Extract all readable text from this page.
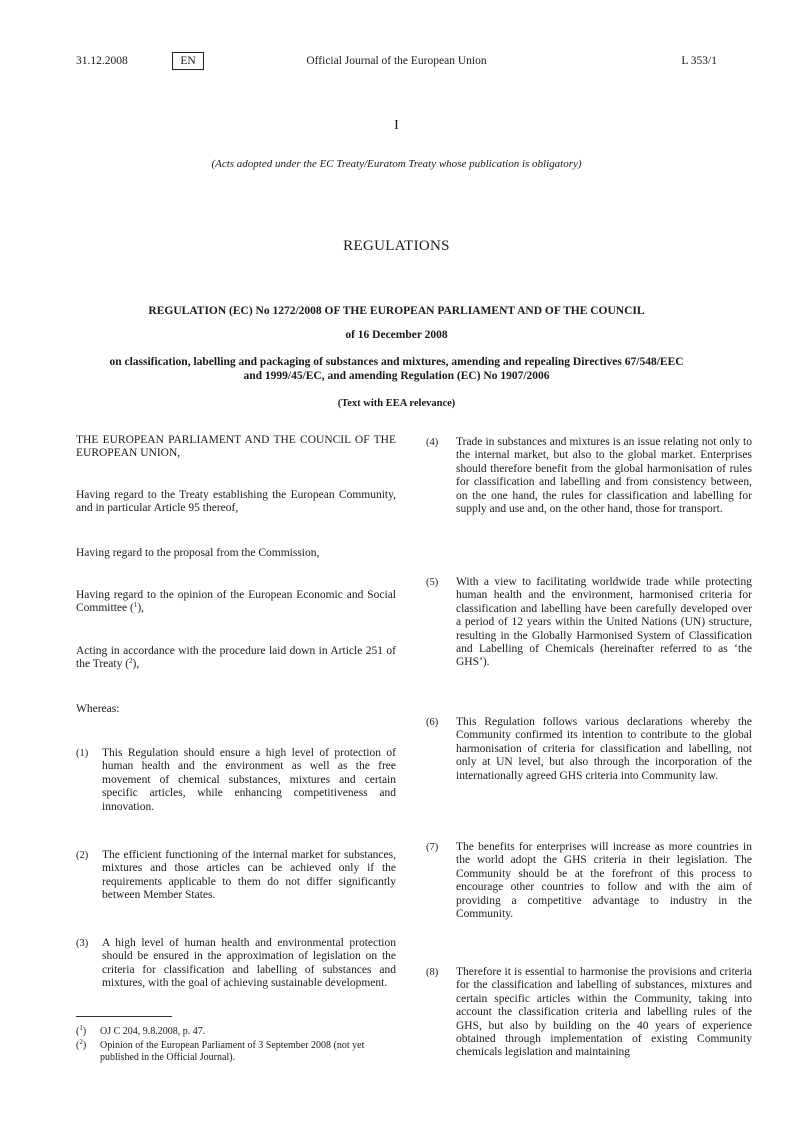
31.12.2008	EN	Official Journal of the European Union	L 353/1
I
(Acts adopted under the EC Treaty/Euratom Treaty whose publication is obligatory)
REGULATIONS
REGULATION (EC) No 1272/2008 OF THE EUROPEAN PARLIAMENT AND OF THE COUNCIL
of 16 December 2008
on classification, labelling and packaging of substances and mixtures, amending and repealing Directives 67/548/EEC and 1999/45/EC, and amending Regulation (EC) No 1907/2006
(Text with EEA relevance)
THE EUROPEAN PARLIAMENT AND THE COUNCIL OF THE EUROPEAN UNION,
Having regard to the Treaty establishing the European Community, and in particular Article 95 thereof,
Having regard to the proposal from the Commission,
Having regard to the opinion of the European Economic and Social Committee ($^1$),
Acting in accordance with the procedure laid down in Article 251 of the Treaty ($^2$),
Whereas:
(1)	This Regulation should ensure a high level of protection of human health and the environment as well as the free movement of chemical substances, mixtures and certain specific articles, while enhancing competitiveness and innovation.
(2)	The efficient functioning of the internal market for substances, mixtures and those articles can be achieved only if the requirements applicable to them do not differ significantly between Member States.
(3)	A high level of human health and environmental protection should be ensured in the approximation of legislation on the criteria for classification and labelling of substances and mixtures, with the goal of achieving sustainable development.
($^1$)	OJ C 204, 9.8.2008, p. 47.
($^2$)	Opinion of the European Parliament of 3 September 2008 (not yet published in the Official Journal).
(4)	Trade in substances and mixtures is an issue relating not only to the internal market, but also to the global market. Enterprises should therefore benefit from the global harmonisation of rules for classification and labelling and from consistency between, on the one hand, the rules for classification and labelling for supply and use and, on the other hand, those for transport.
(5)	With a view to facilitating worldwide trade while protecting human health and the environment, harmonised criteria for classification and labelling have been carefully developed over a period of 12 years within the United Nations (UN) structure, resulting in the Globally Harmonised System of Classification and Labelling of Chemicals (hereinafter referred to as ‘the GHS’).
(6)	This Regulation follows various declarations whereby the Community confirmed its intention to contribute to the global harmonisation of criteria for classification and labelling, not only at UN level, but also through the incorporation of the internationally agreed GHS criteria into Community law.
(7)	The benefits for enterprises will increase as more countries in the world adopt the GHS criteria in their legislation. The Community should be at the forefront of this process to encourage other countries to follow and with the aim of providing a competitive advantage to industry in the Community.
(8)	Therefore it is essential to harmonise the provisions and criteria for the classification and labelling of substances, mixtures and certain specific articles within the Community, taking into account the classification criteria and labelling rules of the GHS, but also by building on the 40 years of experience obtained through implementation of existing Community chemicals legislation and maintaining
